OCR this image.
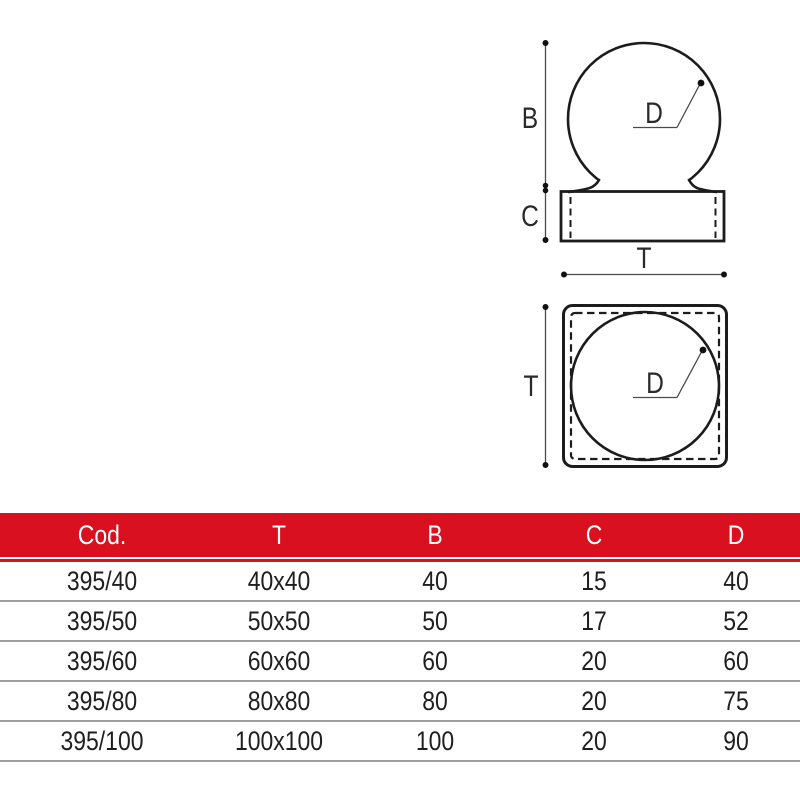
B
C
D
T
T	D
Cod.	T	B	C	D
395/40	40x40	40	15	40
395/50	50x50	50	17	52
395/60	60x60	60	20	60
395/80	80x80	80	20	75
395/100	100x100	100	20	90
